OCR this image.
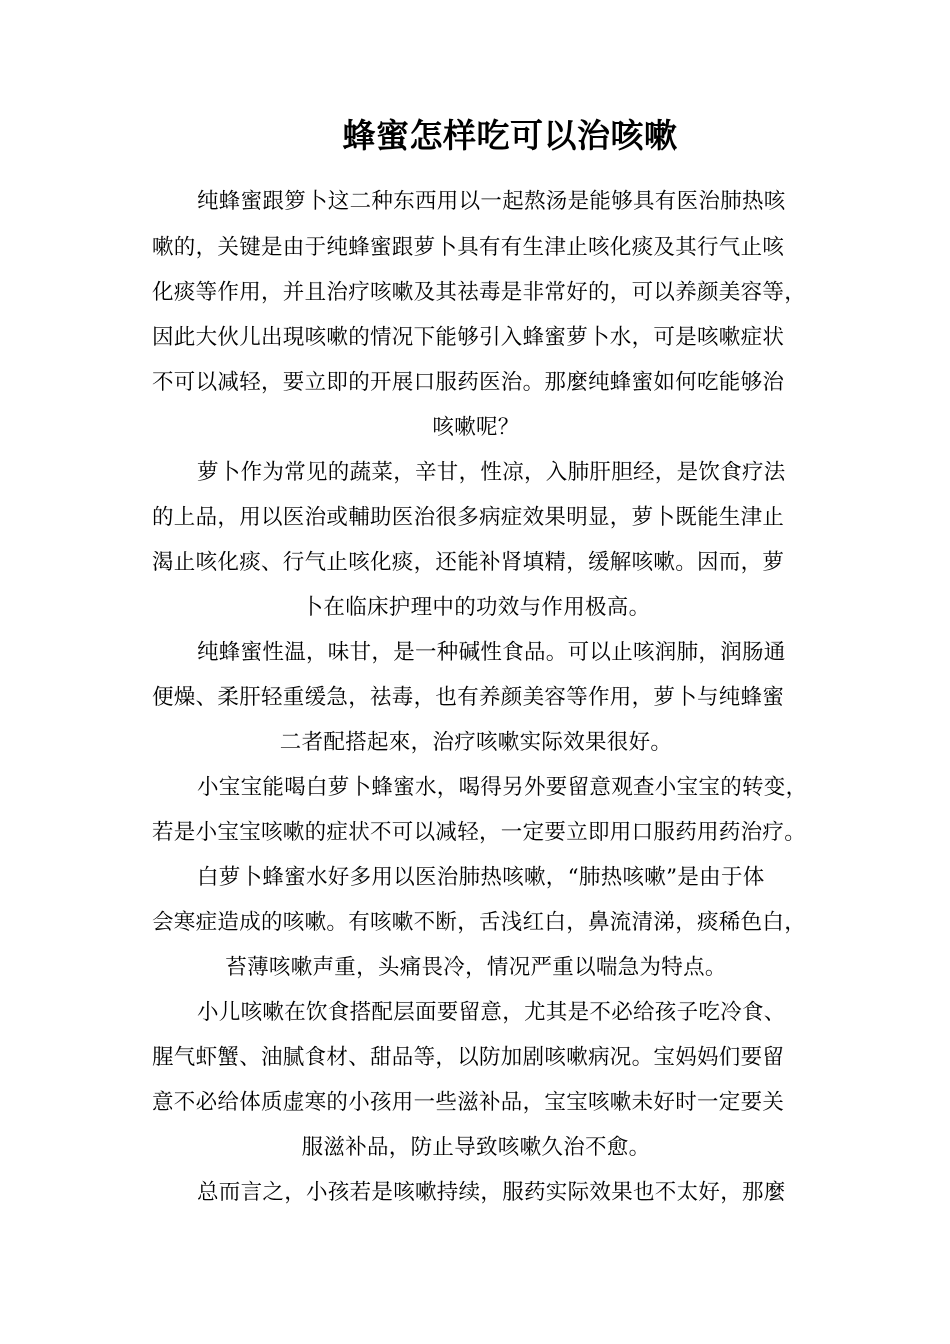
蜂蜜怎样吃可以治咳嗽
纯蜂蜜跟箩卜这二种东西用以一起熬汤是能够具有医治肺热咳
嗽的，关键是由于纯蜂蜜跟萝卜具有有生津止咳化痰及其行气止咳
化痰等作用，并且治疗咳嗽及其祛毒是非常好的，可以养颜美容等，
因此大伙儿出現咳嗽的情况下能够引入蜂蜜萝卜水，可是咳嗽症状
不可以减轻，要立即的开展口服药医治。那麼纯蜂蜜如何吃能够治
咳嗽呢？
萝卜作为常见的蔬菜，辛甘，性凉，入肺肝胆经，是饮食疗法
的上品，用以医治或輔助医治很多病症效果明显，萝卜既能生津止
渴止咳化痰、行气止咳化痰，还能补肾填精，缓解咳嗽。因而，萝
卜在临床护理中的功效与作用极高。
纯蜂蜜性温，味甘，是一种碱性食品。可以止咳润肺，润肠通
便燥、柔肝轻重缓急，祛毒，也有养颜美容等作用，萝卜与纯蜂蜜
二者配搭起來，治疗咳嗽实际效果很好。
小宝宝能喝白萝卜蜂蜜水，喝得另外要留意观查小宝宝的转变，
若是小宝宝咳嗽的症状不可以减轻，一定要立即用口服药用药治疗。
白萝卜蜂蜜水好多用以医治肺热咳嗽，“肺热咳嗽”是由于体
会寒症造成的咳嗽。有咳嗽不断，舌浅红白，鼻流清涕，痰稀色白，
苔薄咳嗽声重，头痛畏冷，情况严重以喘急为特点。
小儿咳嗽在饮食搭配层面要留意，尤其是不必给孩子吃冷食、
腥气虾蟹、油腻食材、甜品等，以防加剧咳嗽病况。宝妈妈们要留
意不必给体质虚寒的小孩用一些滋补品，宝宝咳嗽未好时一定要关
服滋补品，防止导致咳嗽久治不愈。
总而言之，小孩若是咳嗽持续，服药实际效果也不太好，那麼
